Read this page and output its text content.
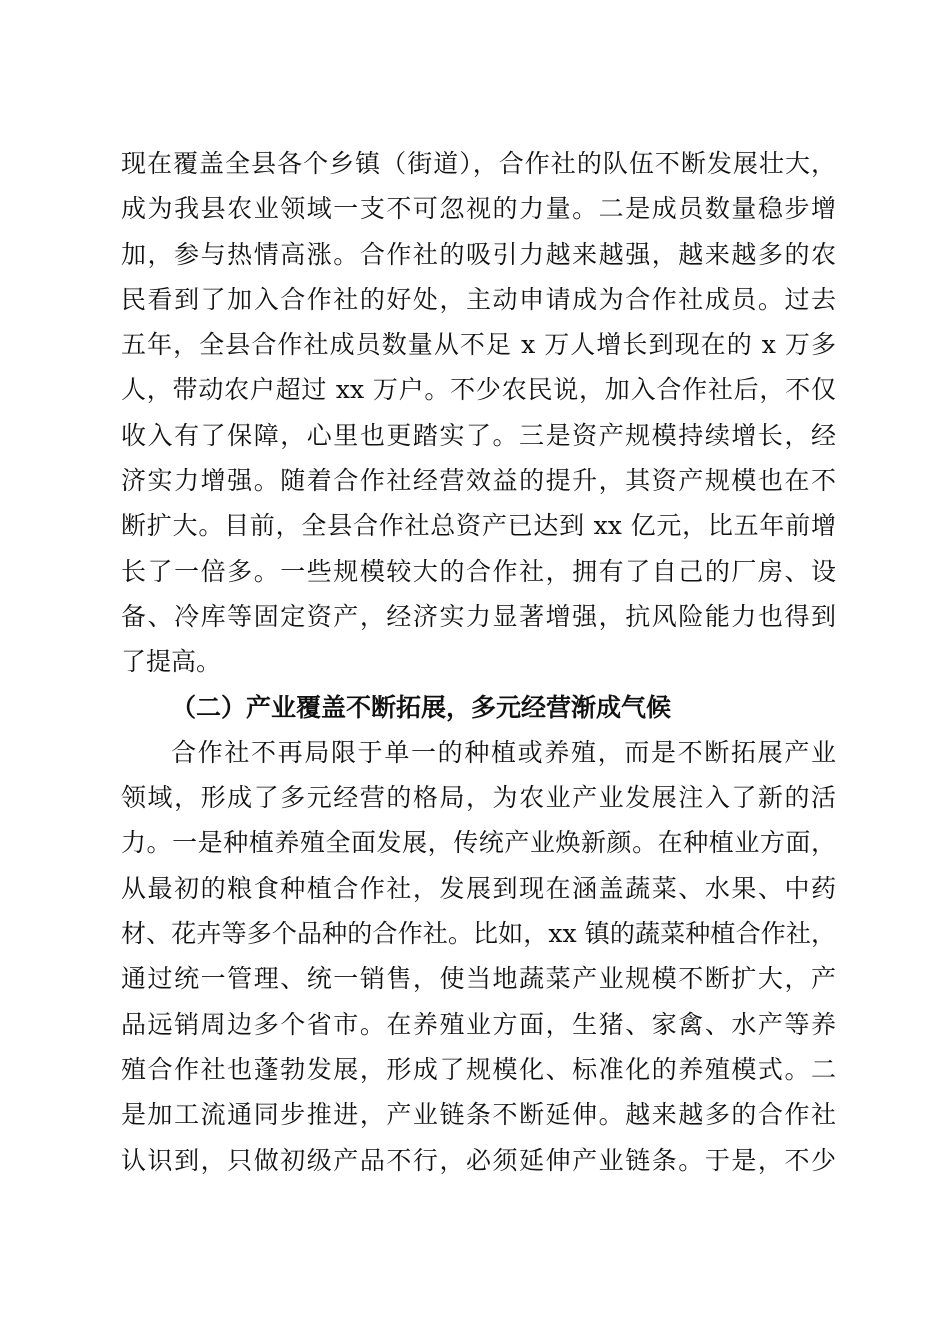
现在覆盖全县各个乡镇（街道），合作社的队伍不断发展壮大，
成为我县农业领域一支不可忽视的力量。二是成员数量稳步增
加，参与热情高涨。合作社的吸引力越来越强，越来越多的农
民看到了加入合作社的好处，主动申请成为合作社成员。过去
五年，全县合作社成员数量从不足 x 万人增长到现在的 x 万多
人，带动农户超过 xx 万户。不少农民说，加入合作社后，不仅
收入有了保障，心里也更踏实了。三是资产规模持续增长，经
济实力增强。随着合作社经营效益的提升，其资产规模也在不
断扩大。目前，全县合作社总资产已达到 xx 亿元，比五年前增
长了一倍多。一些规模较大的合作社，拥有了自己的厂房、设
备、冷库等固定资产，经济实力显著增强，抗风险能力也得到
了提高。
（二）产业覆盖不断拓展，多元经营渐成气候
合作社不再局限于单一的种植或养殖，而是不断拓展产业
领域，形成了多元经营的格局，为农业产业发展注入了新的活
力。一是种植养殖全面发展，传统产业焕新颜。在种植业方面，
从最初的粮食种植合作社，发展到现在涵盖蔬菜、水果、中药
材、花卉等多个品种的合作社。比如，xx 镇的蔬菜种植合作社，
通过统一管理、统一销售，使当地蔬菜产业规模不断扩大，产
品远销周边多个省市。在养殖业方面，生猪、家禽、水产等养
殖合作社也蓬勃发展，形成了规模化、标准化的养殖模式。二
是加工流通同步推进，产业链条不断延伸。越来越多的合作社
认识到，只做初级产品不行，必须延伸产业链条。于是，不少
